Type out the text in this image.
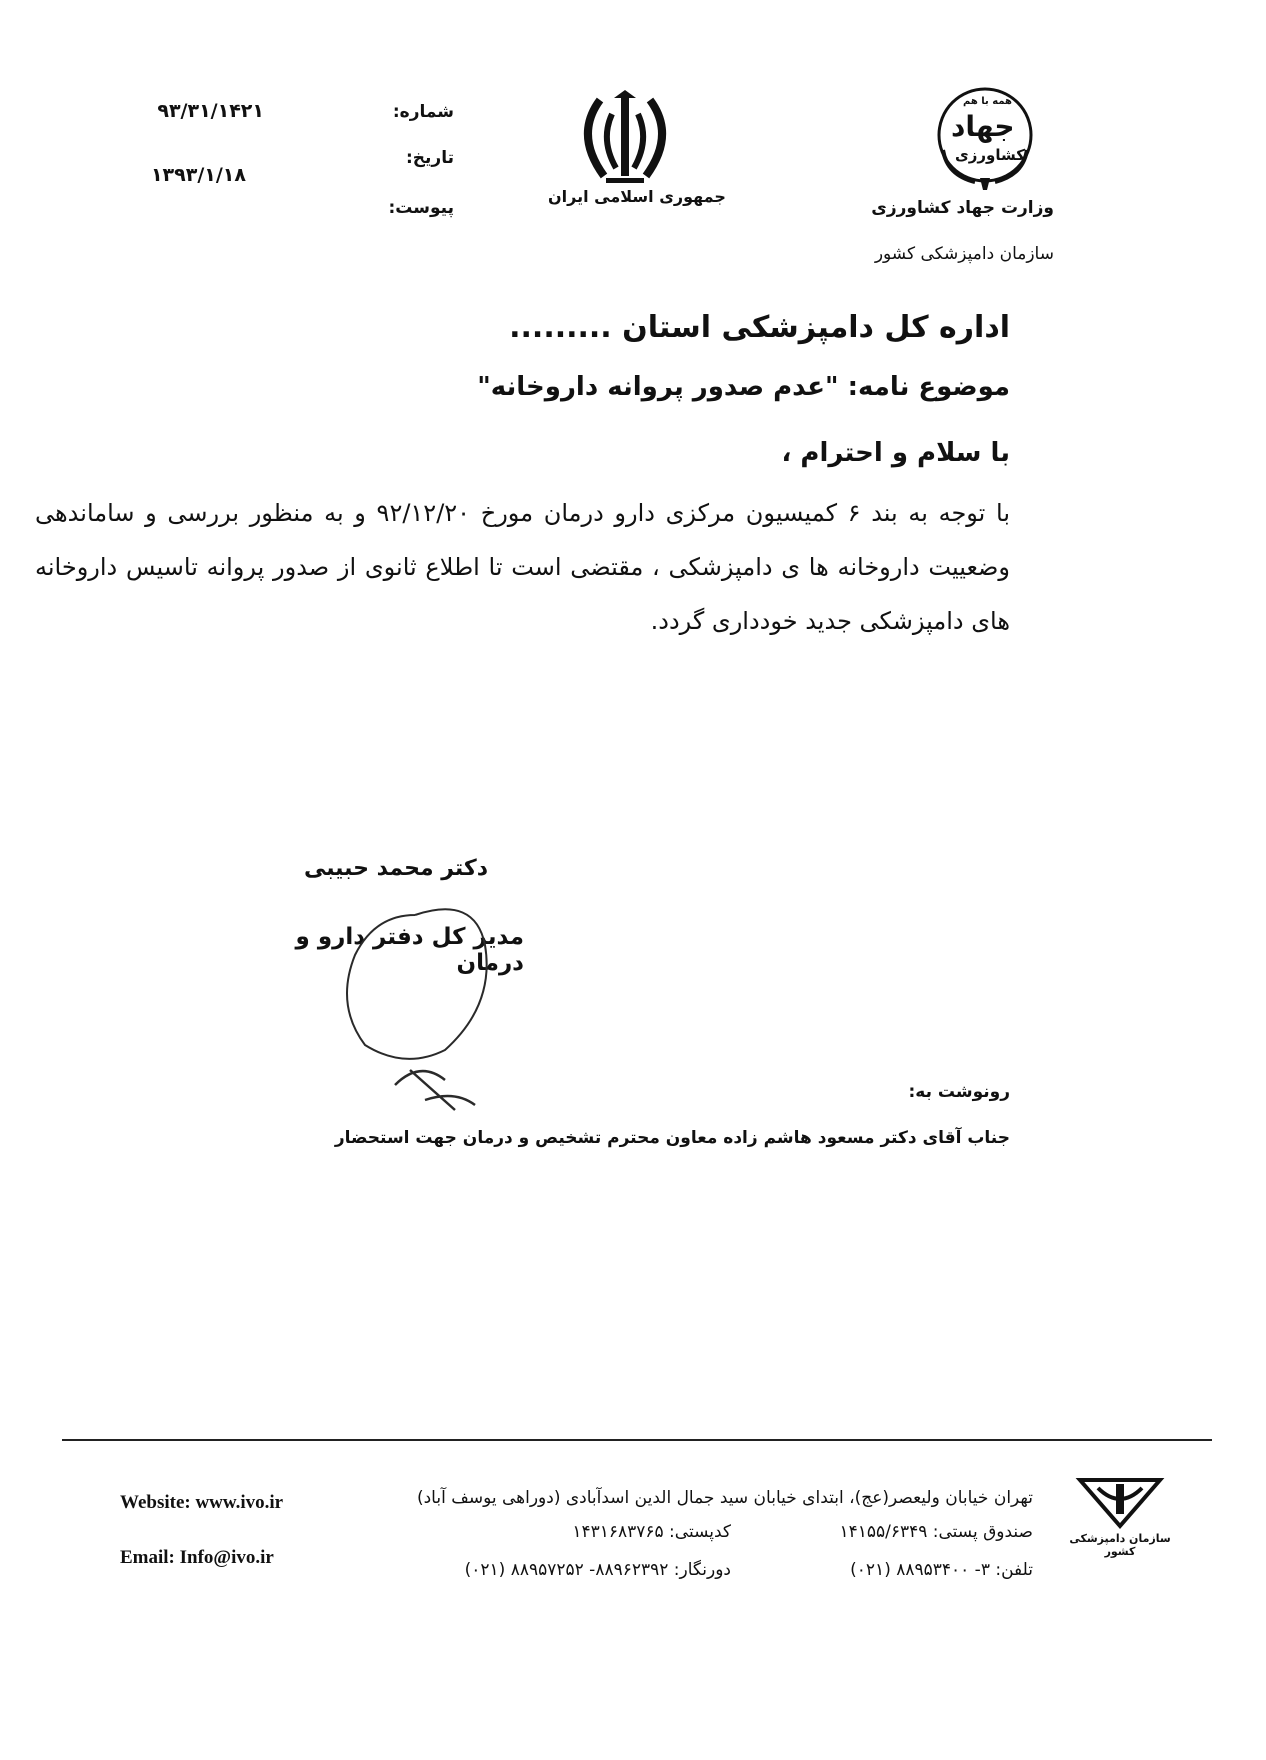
همه با هم
جهاد
کشاورزی
وزارت جهاد کشاورزی
سازمان دامپزشکی کشور
جمهوری اسلامی ایران
شماره:
۹۳/۳۱/۱۴۲۱
تاریخ:
۱۳۹۳/۱/۱۸
پیوست:
اداره کل دامپزشکی استان .........
موضوع نامه: "عدم صدور پروانه داروخانه"
با سلام و احترام ،
با توجه به بند ۶ کمیسیون مرکزی دارو درمان مورخ ۹۲/۱۲/۲۰ و به منظور بررسی و ساماندهی وضعییت داروخانه ها ی دامپزشکی ، مقتضی است تا اطلاع ثانوی از صدور پروانه تاسیس داروخانه های دامپزشکی جدید خودداری گردد.
دکتر محمد حبیبی
مدیر کل دفتر دارو و درمان
رونوشت به:
جناب آقای دکتر مسعود هاشم زاده معاون محترم تشخیص و درمان جهت استحضار
سازمان دامپزشکی کشور
تهران خیابان ولیعصر(عج)، ابتدای خیابان سید جمال الدین اسدآبادی (دوراهی یوسف آباد)
صندوق پستی: ۱۴۱۵۵/۶۳۴۹
کدپستی: ۱۴۳۱۶۸۳۷۶۵
تلفن: ۳- ۸۸۹۵۳۴۰۰ (۰۲۱)
دورنگار: ۸۸۹۶۲۳۹۲- ۸۸۹۵۷۲۵۲ (۰۲۱)
Website: www.ivo.ir
Email: Info@ivo.ir
